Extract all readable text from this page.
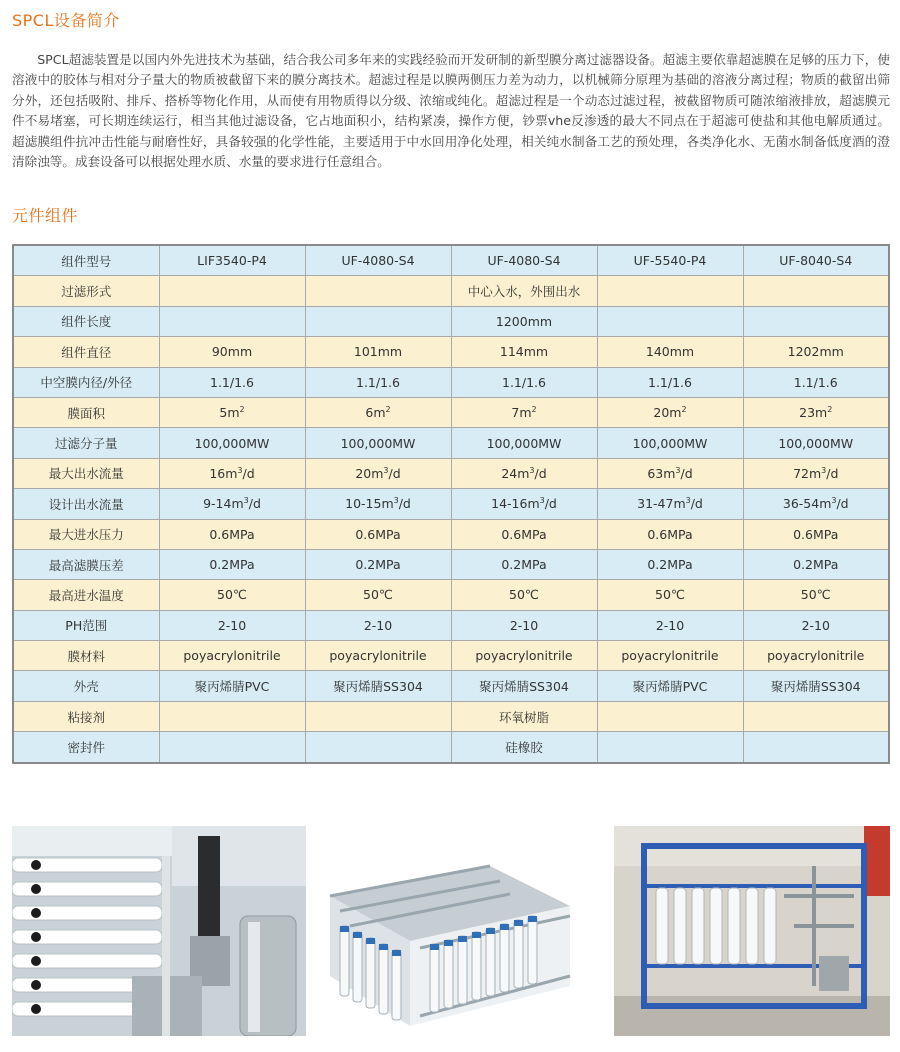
SPCL设备简介

SPCL超滤装置是以国内外先进技术为基础，结合我公司多年来的实践经验而开发研制的新型膜分离过滤器设备。超滤主要依靠超滤膜在足够的压力下，使溶液中的胶体与相对分子量大的物质被截留下来的膜分离技术。超滤过程是以膜两侧压力差为动力，以机械筛分原理为基础的溶液分离过程；物质的截留出筛分外，还包括吸附、排斥、搭桥等物化作用，从而使有用物质得以分级、浓缩或纯化。超滤过程是一个动态过滤过程，被截留物质可随浓缩液排放，超滤膜元件不易堵塞，可长期连续运行，相当其他过滤设备，它占地面积小，结构紧凑，操作方便，钞票vhe反渗透的最大不同点在于超滤可使盐和其他电解质通过。超滤膜组件抗冲击性能与耐磨性好，具备较强的化学性能，主要适用于中水回用净化处理，相关纯水制备工艺的预处理，各类净化水、无菌水制备低度酒的澄清除浊等。成套设备可以根据处理水质、水量的要求进行任意组合。

元件组件
组件型号	LIF3540-P4	UF-4080-S4	UF-4080-S4	UF-5540-P4	UF-8040-S4
过滤形式			中心入水，外围出水		
组件长度			1200mm		
组件直径	90mm	101mm	114mm	140mm	1202mm
中空膜内径/外径	1.1/1.6	1.1/1.6	1.1/1.6	1.1/1.6	1.1/1.6
膜面积	$5m^2$	$6m^2$	$7m^2$	$20m^2$	$23m^2$
过滤分子量	100,000MW	100,000MW	100,000MW	100,000MW	100,000MW
最大出水流量	$16m^3/d$	$20m^3/d$	$24m^3/d$	$63m^3/d$	$72m^3/d$
设计出水流量	$9-14m^3/d$	$10-15m^3/d$	$14-16m^3/d$	$31-47m^3/d$	$36-54m^3/d$
最大进水压力	0.6MPa	0.6MPa	0.6MPa	0.6MPa	0.6MPa
最高滤膜压差	0.2MPa	0.2MPa	0.2MPa	0.2MPa	0.2MPa
最高进水温度	50℃	50℃	50℃	50℃	50℃
PH范围	2-10	2-10	2-10	2-10	2-10
膜材料	poyacrylonitrile	poyacrylonitrile	poyacrylonitrile	poyacrylonitrile	poyacrylonitrile
外壳	聚丙烯腈PVC	聚丙烯腈SS304	聚丙烯腈SS304	聚丙烯腈PVC	聚丙烯腈SS304
粘接剂			环氧树脂		
密封件			硅橡胶		
